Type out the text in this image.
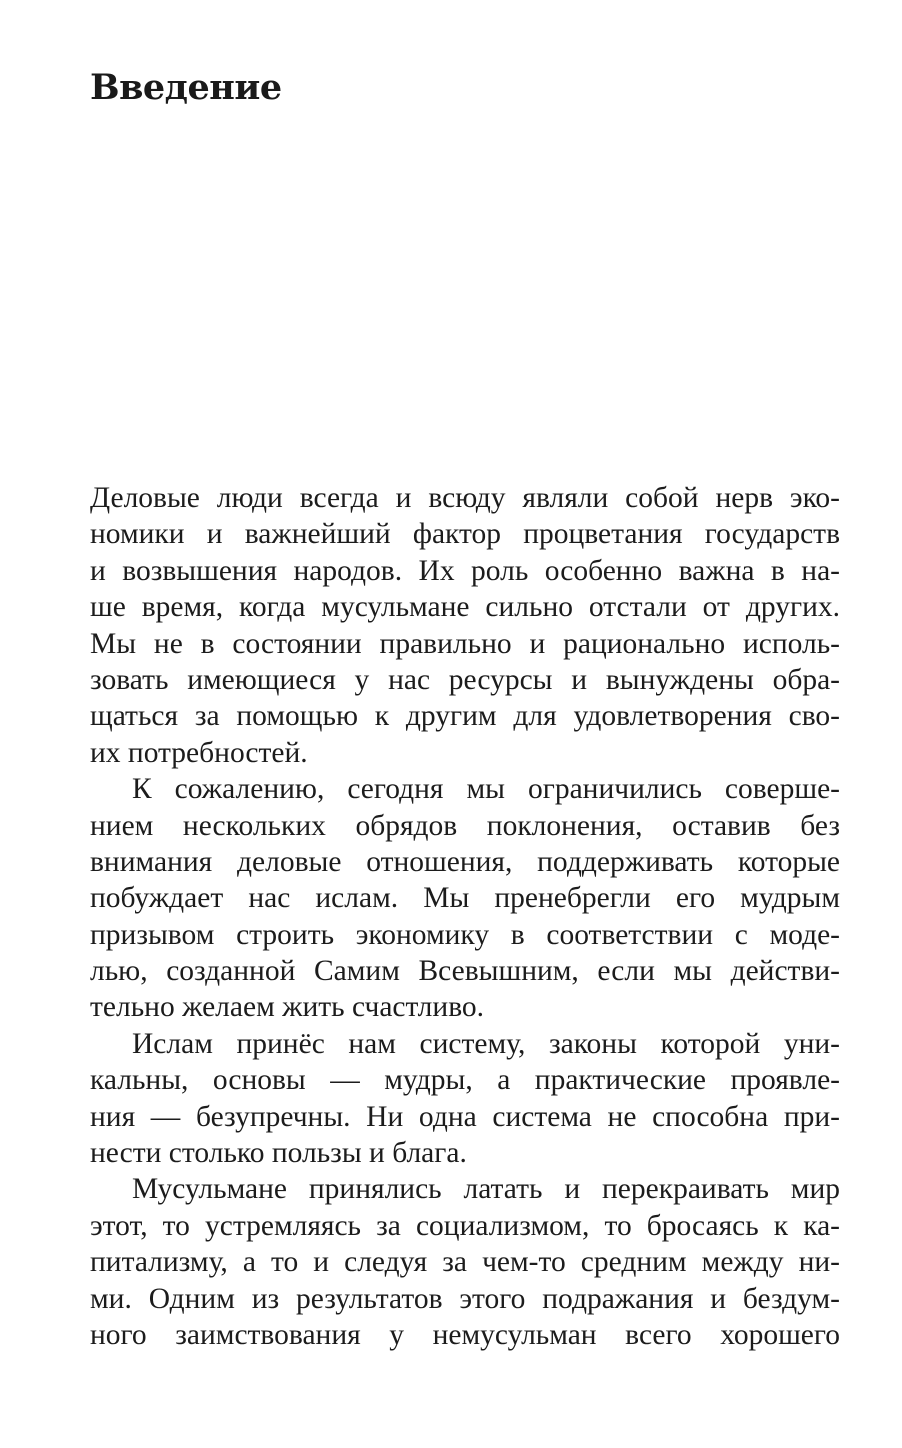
Введение
Деловые люди всегда и всюду являли собой нерв эко-
номики и важнейший фактор процветания государств
и возвышения народов. Их роль особенно важна в на-
ше время, когда мусульмане сильно отстали от других.
Мы не в состоянии правильно и рационально исполь-
зовать имеющиеся у нас ресурсы и вынуждены обра-
щаться за помощью к другим для удовлетворения сво-
их потребностей.
К сожалению, сегодня мы ограничились соверше-
нием нескольких обрядов поклонения, оставив без
внимания деловые отношения, поддерживать которые
побуждает нас ислам. Мы пренебрегли его мудрым
призывом строить экономику в соответствии с моде-
лью, созданной Самим Всевышним, если мы действи-
тельно желаем жить счастливо.
Ислам принёс нам систему, законы которой уни-
кальны, основы — мудры, а практические проявле-
ния — безупречны. Ни одна система не способна при-
нести столько пользы и блага.
Мусульмане принялись латать и перекраивать мир
этот, то устремляясь за социализмом, то бросаясь к ка-
питализму, а то и следуя за чем-то средним между ни-
ми. Одним из результатов этого подражания и бездум-
ного заимствования у немусульман всего хорошего
